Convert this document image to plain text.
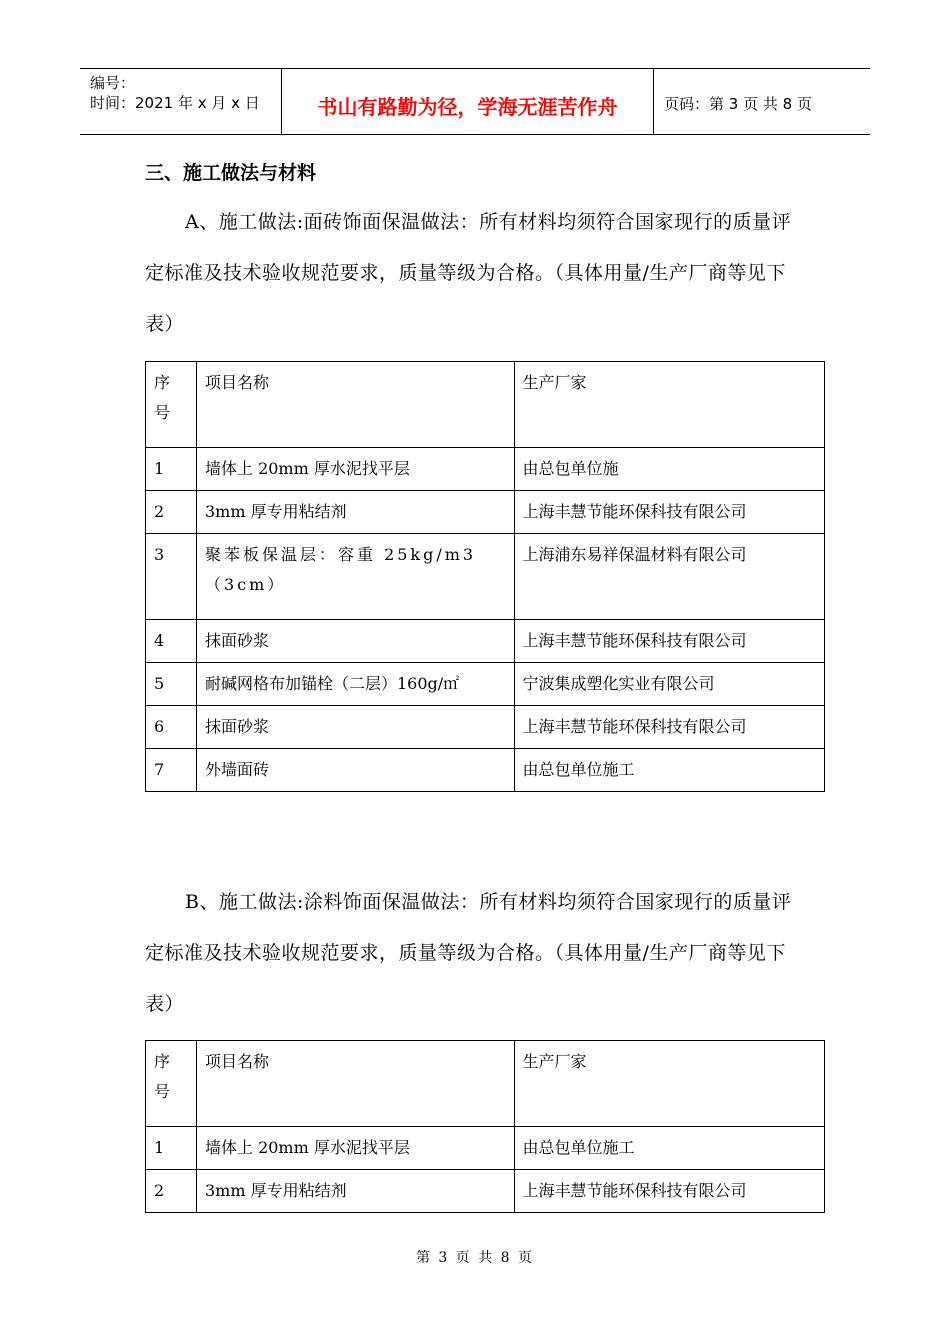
编号：
时间：2021 年 x 月 x 日	书山有路勤为径，学海无涯苦作舟	页码：第 3 页 共 8 页
三、施工做法与材料

A、施工做法:面砖饰面保温做法：所有材料均须符合国家现行的质量评定标准及技术验收规范要求，质量等级为合格。（具体用量/生产厂商等见下表）

序号	项目名称	生产厂家
1	墙体上 20mm 厚水泥找平层	由总包单位施
2	3mm 厚专用粘结剂	上海丰慧节能环保科技有限公司
3	聚苯板保温层：容重 25kg/m3（3cm）	上海浦东易祥保温材料有限公司
4	抹面砂浆	上海丰慧节能环保科技有限公司
5	耐碱网格布加锚栓（二层）160g/㎡	宁波集成塑化实业有限公司
6	抹面砂浆	上海丰慧节能环保科技有限公司
7	外墙面砖	由总包单位施工

B、施工做法:涂料饰面保温做法：所有材料均须符合国家现行的质量评定标准及技术验收规范要求，质量等级为合格。（具体用量/生产厂商等见下表）

序号	项目名称	生产厂家
1	墙体上 20mm 厚水泥找平层	由总包单位施工
2	3mm 厚专用粘结剂	上海丰慧节能环保科技有限公司
第 3 页 共 8 页
